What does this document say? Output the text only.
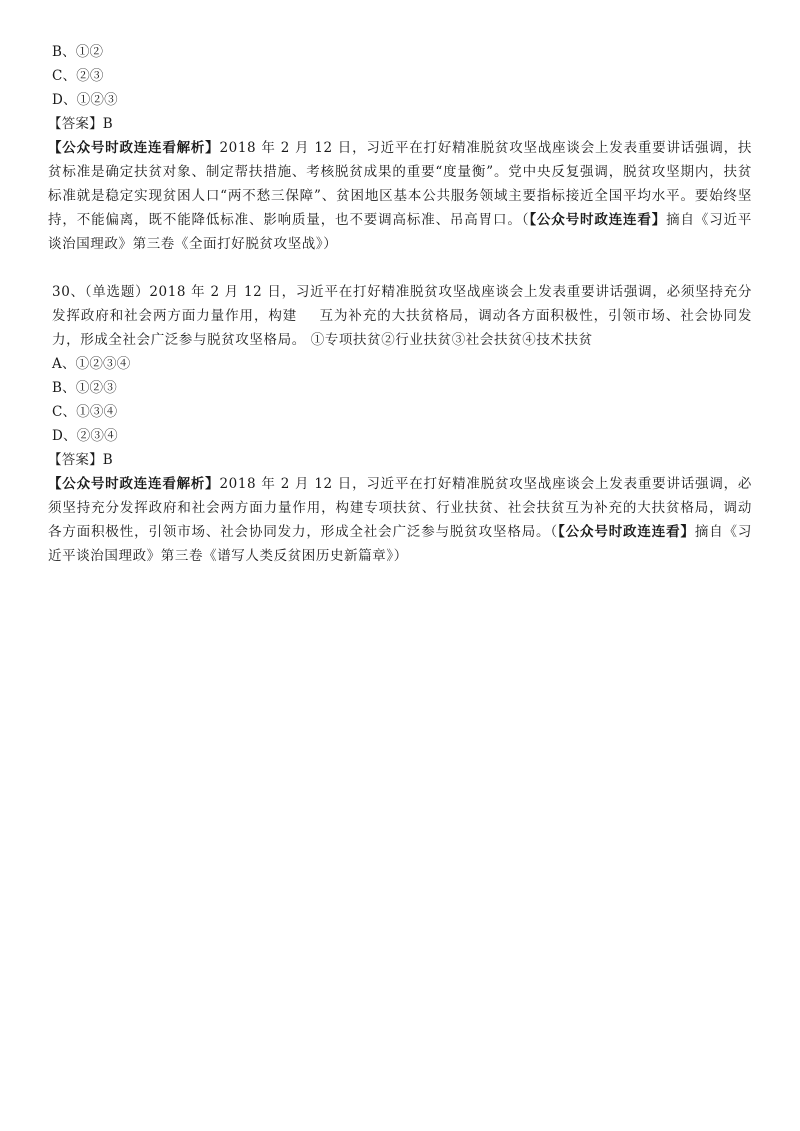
B、①②
C、②③
D、①②③
【答案】B
【公众号时政连连看解析】2018 年 2 月 12 日，习近平在打好精准脱贫攻坚战座谈会上发表重要讲话强调，扶贫标准是确定扶贫对象、制定帮扶措施、考核脱贫成果的重要“度量衡”。党中央反复强调，脱贫攻坚期内，扶贫标准就是稳定实现贫困人口“两不愁三保障”、贫困地区基本公共服务领域主要指标接近全国平均水平。要始终坚持，不能偏离，既不能降低标准、影响质量，也不要调高标准、吊高胃口。（【公众号时政连连看】摘自《习近平谈治国理政》第三卷《全面打好脱贫攻坚战》）
30、（单选题）2018 年 2 月 12 日，习近平在打好精准脱贫攻坚战座谈会上发表重要讲话强调，必须坚持充分发挥政府和社会两方面力量作用，构建 互为补充的大扶贫格局，调动各方面积极性，引领市场、社会协同发力，形成全社会广泛参与脱贫攻坚格局。 ①专项扶贫②行业扶贫③社会扶贫④技术扶贫
A、①②③④
B、①②③
C、①③④
D、②③④
【答案】B
【公众号时政连连看解析】2018 年 2 月 12 日，习近平在打好精准脱贫攻坚战座谈会上发表重要讲话强调，必须坚持充分发挥政府和社会两方面力量作用，构建专项扶贫、行业扶贫、社会扶贫互为补充的大扶贫格局，调动各方面积极性，引领市场、社会协同发力，形成全社会广泛参与脱贫攻坚格局。（【公众号时政连连看】摘自《习近平谈治国理政》第三卷《谱写人类反贫困历史新篇章》）
